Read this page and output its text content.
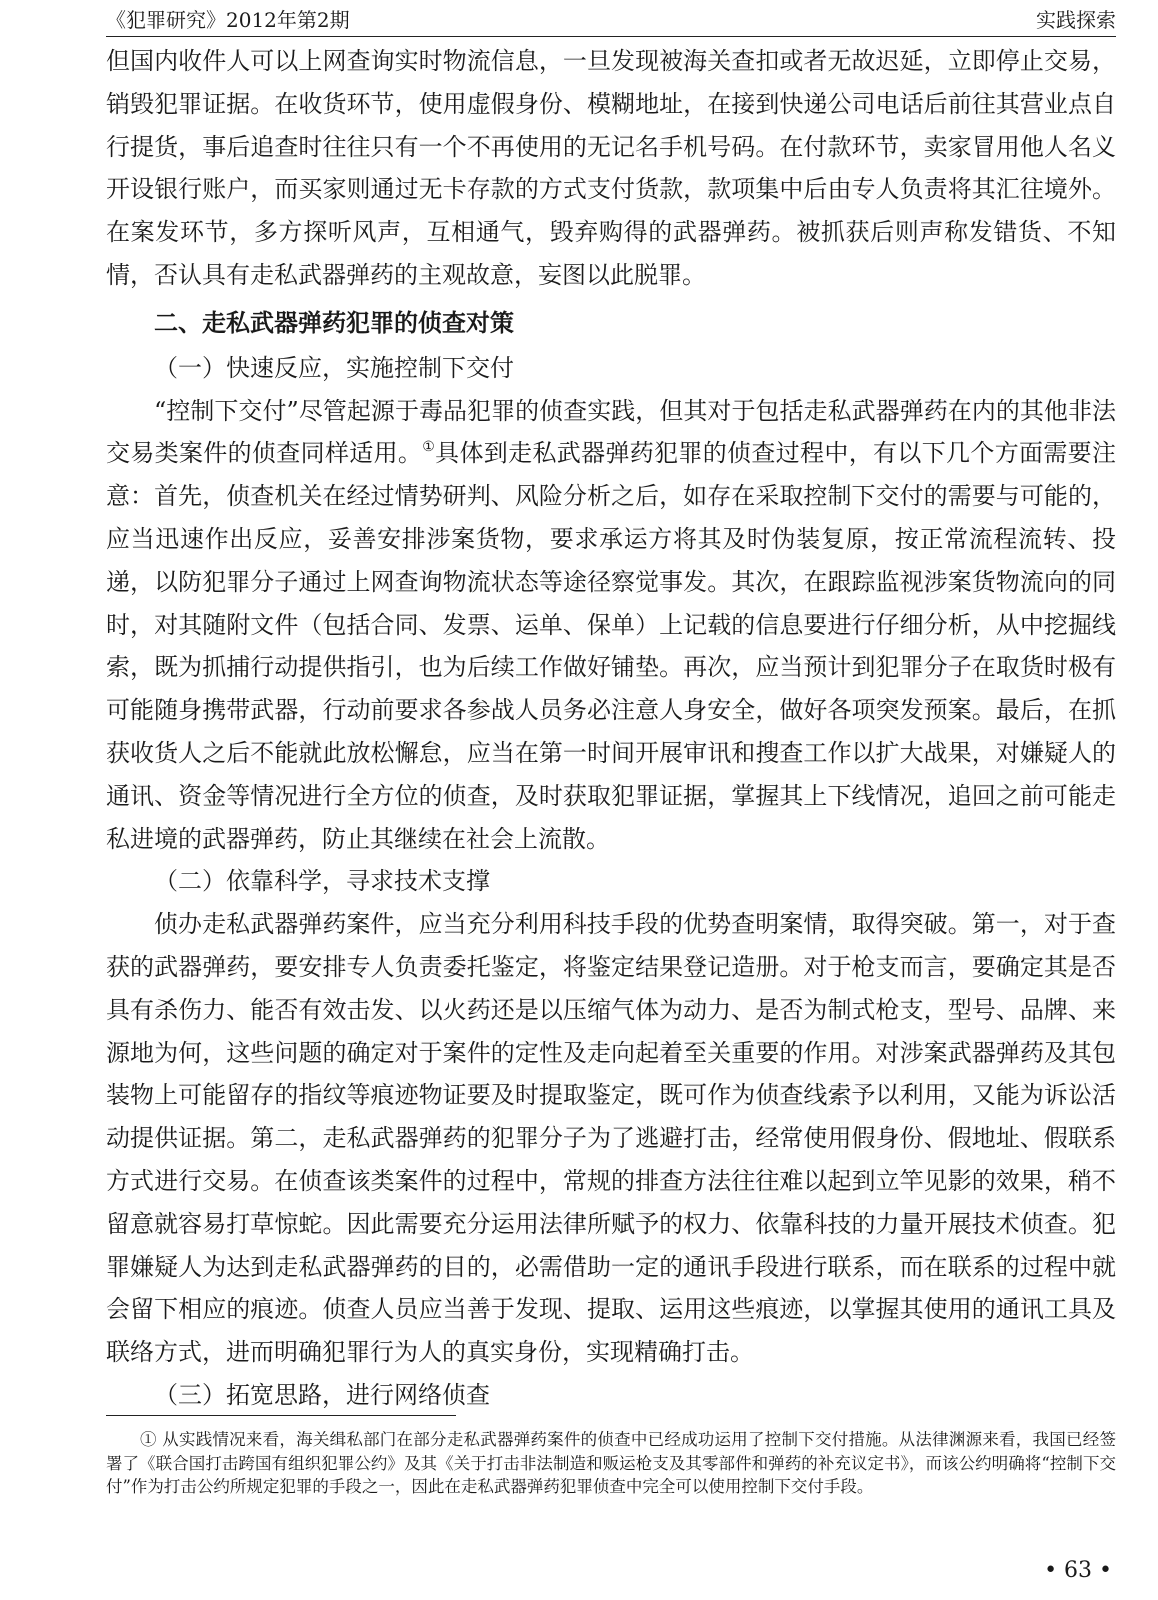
《犯罪研究》2012年第2期	实践探索

但国内收件人可以上网查询实时物流信息，一旦发现被海关查扣或者无故迟延，立即停止交易，销毁犯罪证据。在收货环节，使用虚假身份、模糊地址，在接到快递公司电话后前往其营业点自行提货，事后追查时往往只有一个不再使用的无记名手机号码。在付款环节，卖家冒用他人名义开设银行账户，而买家则通过无卡存款的方式支付货款，款项集中后由专人负责将其汇往境外。在案发环节，多方探听风声，互相通气，毁弃购得的武器弹药。被抓获后则声称发错货、不知情，否认具有走私武器弹药的主观故意，妄图以此脱罪。

二、走私武器弹药犯罪的侦查对策
（一）快速反应，实施控制下交付

“控制下交付”尽管起源于毒品犯罪的侦查实践，但其对于包括走私武器弹药在内的其他非法交易类案件的侦查同样适用。①具体到走私武器弹药犯罪的侦查过程中，有以下几个方面需要注意：首先，侦查机关在经过情势研判、风险分析之后，如存在采取控制下交付的需要与可能的，应当迅速作出反应，妥善安排涉案货物，要求承运方将其及时伪装复原，按正常流程流转、投递，以防犯罪分子通过上网查询物流状态等途径察觉事发。其次，在跟踪监视涉案货物流向的同时，对其随附文件（包括合同、发票、运单、保单）上记载的信息要进行仔细分析，从中挖掘线索，既为抓捕行动提供指引，也为后续工作做好铺垫。再次，应当预计到犯罪分子在取货时极有可能随身携带武器，行动前要求各参战人员务必注意人身安全，做好各项突发预案。最后，在抓获收货人之后不能就此放松懈怠，应当在第一时间开展审讯和搜查工作以扩大战果，对嫌疑人的通讯、资金等情况进行全方位的侦查，及时获取犯罪证据，掌握其上下线情况，追回之前可能走私进境的武器弹药，防止其继续在社会上流散。

（二）依靠科学，寻求技术支撑

侦办走私武器弹药案件，应当充分利用科技手段的优势查明案情，取得突破。第一，对于查获的武器弹药，要安排专人负责委托鉴定，将鉴定结果登记造册。对于枪支而言，要确定其是否具有杀伤力、能否有效击发、以火药还是以压缩气体为动力、是否为制式枪支，型号、品牌、来源地为何，这些问题的确定对于案件的定性及走向起着至关重要的作用。对涉案武器弹药及其包装物上可能留存的指纹等痕迹物证要及时提取鉴定，既可作为侦查线索予以利用，又能为诉讼活动提供证据。第二，走私武器弹药的犯罪分子为了逃避打击，经常使用假身份、假地址、假联系方式进行交易。在侦查该类案件的过程中，常规的排查方法往往难以起到立竿见影的效果，稍不留意就容易打草惊蛇。因此需要充分运用法律所赋予的权力、依靠科技的力量开展技术侦查。犯罪嫌疑人为达到走私武器弹药的目的，必需借助一定的通讯手段进行联系，而在联系的过程中就会留下相应的痕迹。侦查人员应当善于发现、提取、运用这些痕迹，以掌握其使用的通讯工具及联络方式，进而明确犯罪行为人的真实身份，实现精确打击。

（三）拓宽思路，进行网络侦查

① 从实践情况来看，海关缉私部门在部分走私武器弹药案件的侦查中已经成功运用了控制下交付措施。从法律渊源来看，我国已经签署了《联合国打击跨国有组织犯罪公约》及其《关于打击非法制造和贩运枪支及其零部件和弹药的补充议定书》，而该公约明确将“控制下交付”作为打击公约所规定犯罪的手段之一，因此在走私武器弹药犯罪侦查中完全可以使用控制下交付手段。

• 63 •
